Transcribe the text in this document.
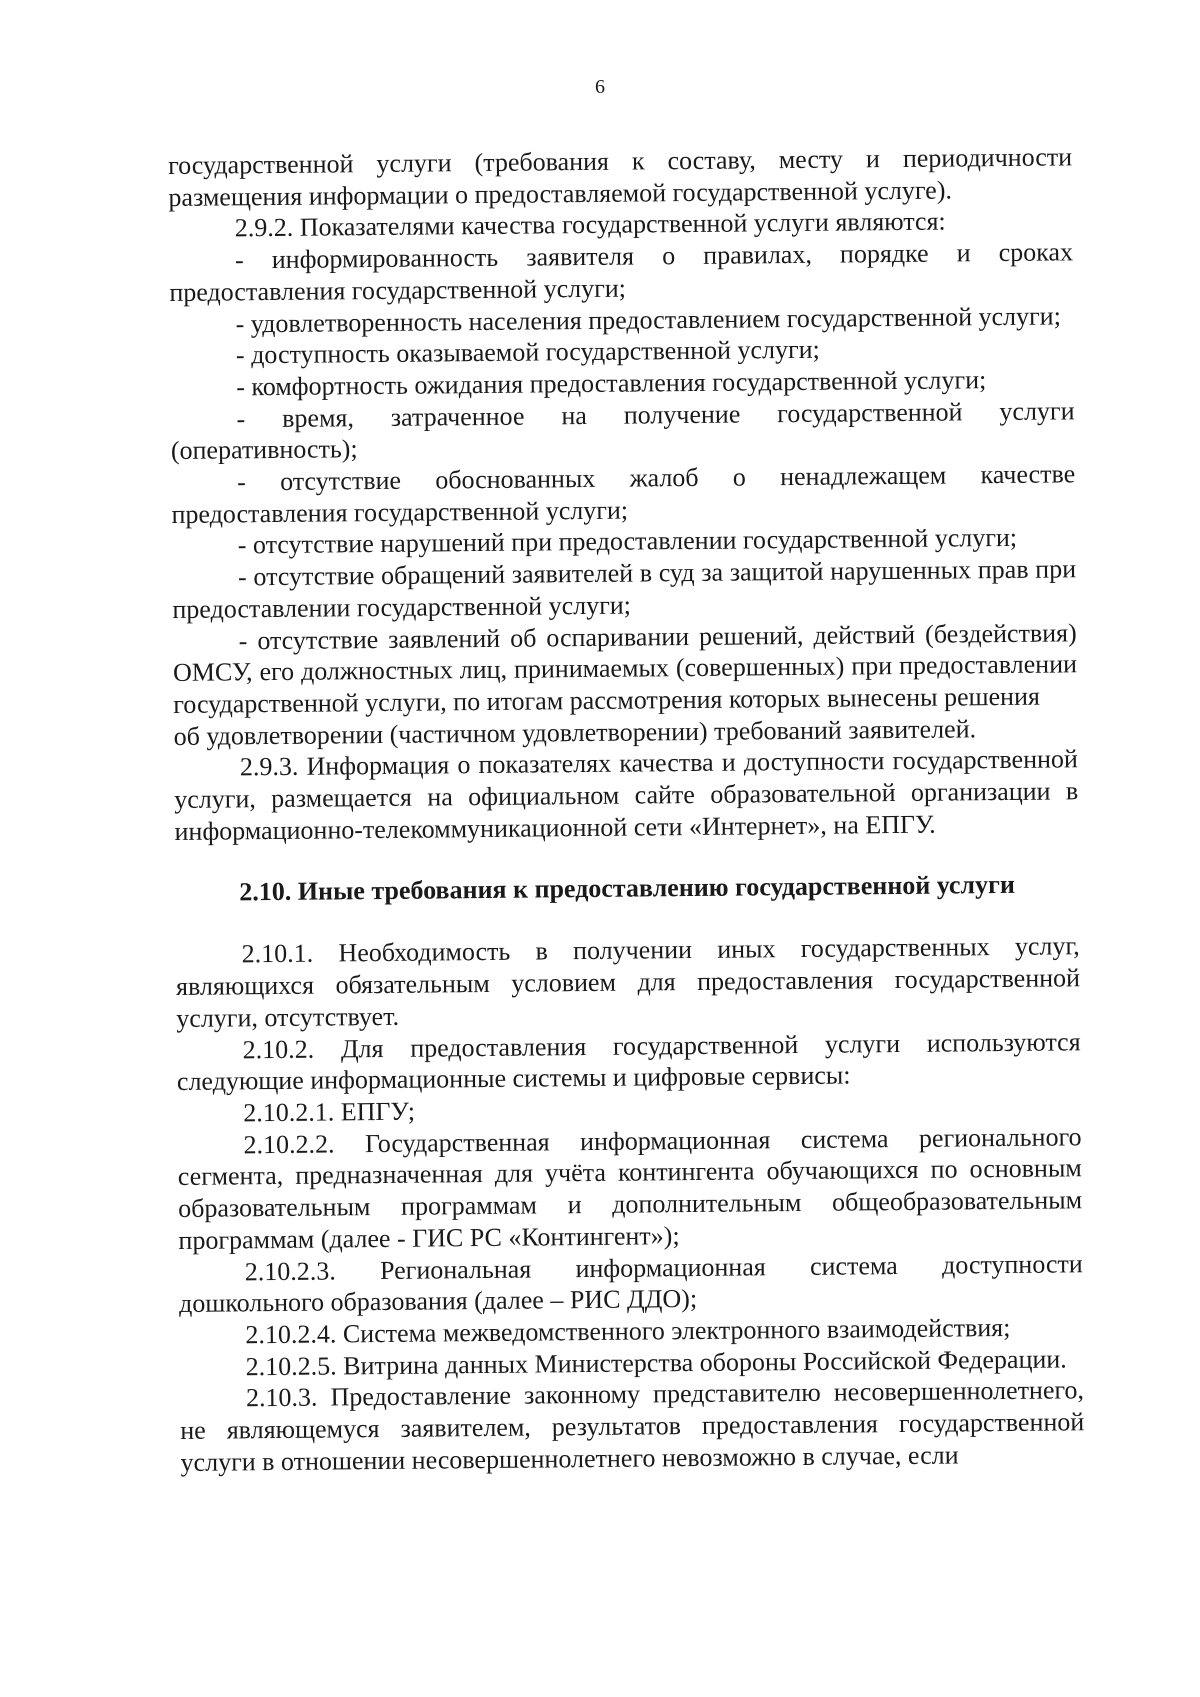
6

государственной услуги (требования к составу, месту и периодичности размещения информации о предоставляемой государственной услуге).

2.9.2. Показателями качества государственной услуги являются:

- информированность заявителя о правилах, порядке и сроках предоставления государственной услуги;

- удовлетворенность населения предоставлением государственной услуги;

- доступность оказываемой государственной услуги;

- комфортность ожидания предоставления государственной услуги;

- время, затраченное на получение государственной услуги (оперативность);

- отсутствие обоснованных жалоб о ненадлежащем качестве предоставления государственной услуги;

- отсутствие нарушений при предоставлении государственной услуги;

- отсутствие обращений заявителей в суд за защитой нарушенных прав при предоставлении государственной услуги;

- отсутствие заявлений об оспаривании решений, действий (бездействия) ОМСУ, его должностных лиц, принимаемых (совершенных) при предоставлении государственной услуги, по итогам рассмотрения которых вынесены решения

об удовлетворении (частичном удовлетворении) требований заявителей.

2.9.3. Информация о показателях качества и доступности государственной услуги, размещается на официальном сайте образовательной организации в информационно-телекоммуникационной сети «Интернет», на ЕПГУ.

2.10. Иные требования к предоставлению государственной услуги

2.10.1. Необходимость в получении иных государственных услуг, являющихся обязательным условием для предоставления государственной услуги, отсутствует.

2.10.2. Для предоставления государственной услуги используются следующие информационные системы и цифровые сервисы:

2.10.2.1. ЕПГУ;

2.10.2.2. Государственная информационная система регионального сегмента, предназначенная для учёта контингента обучающихся по основным образовательным программам и дополнительным общеобразовательным программам (далее - ГИС РС «Контингент»);

2.10.2.3. Региональная информационная система доступности дошкольного образования (далее – РИС ДДО);

2.10.2.4. Система межведомственного электронного взаимодействия;

2.10.2.5. Витрина данных Министерства обороны Российской Федерации.

2.10.3. Предоставление законному представителю несовершеннолетнего, не являющемуся заявителем, результатов предоставления государственной услуги в отношении несовершеннолетнего невозможно в случае, если
